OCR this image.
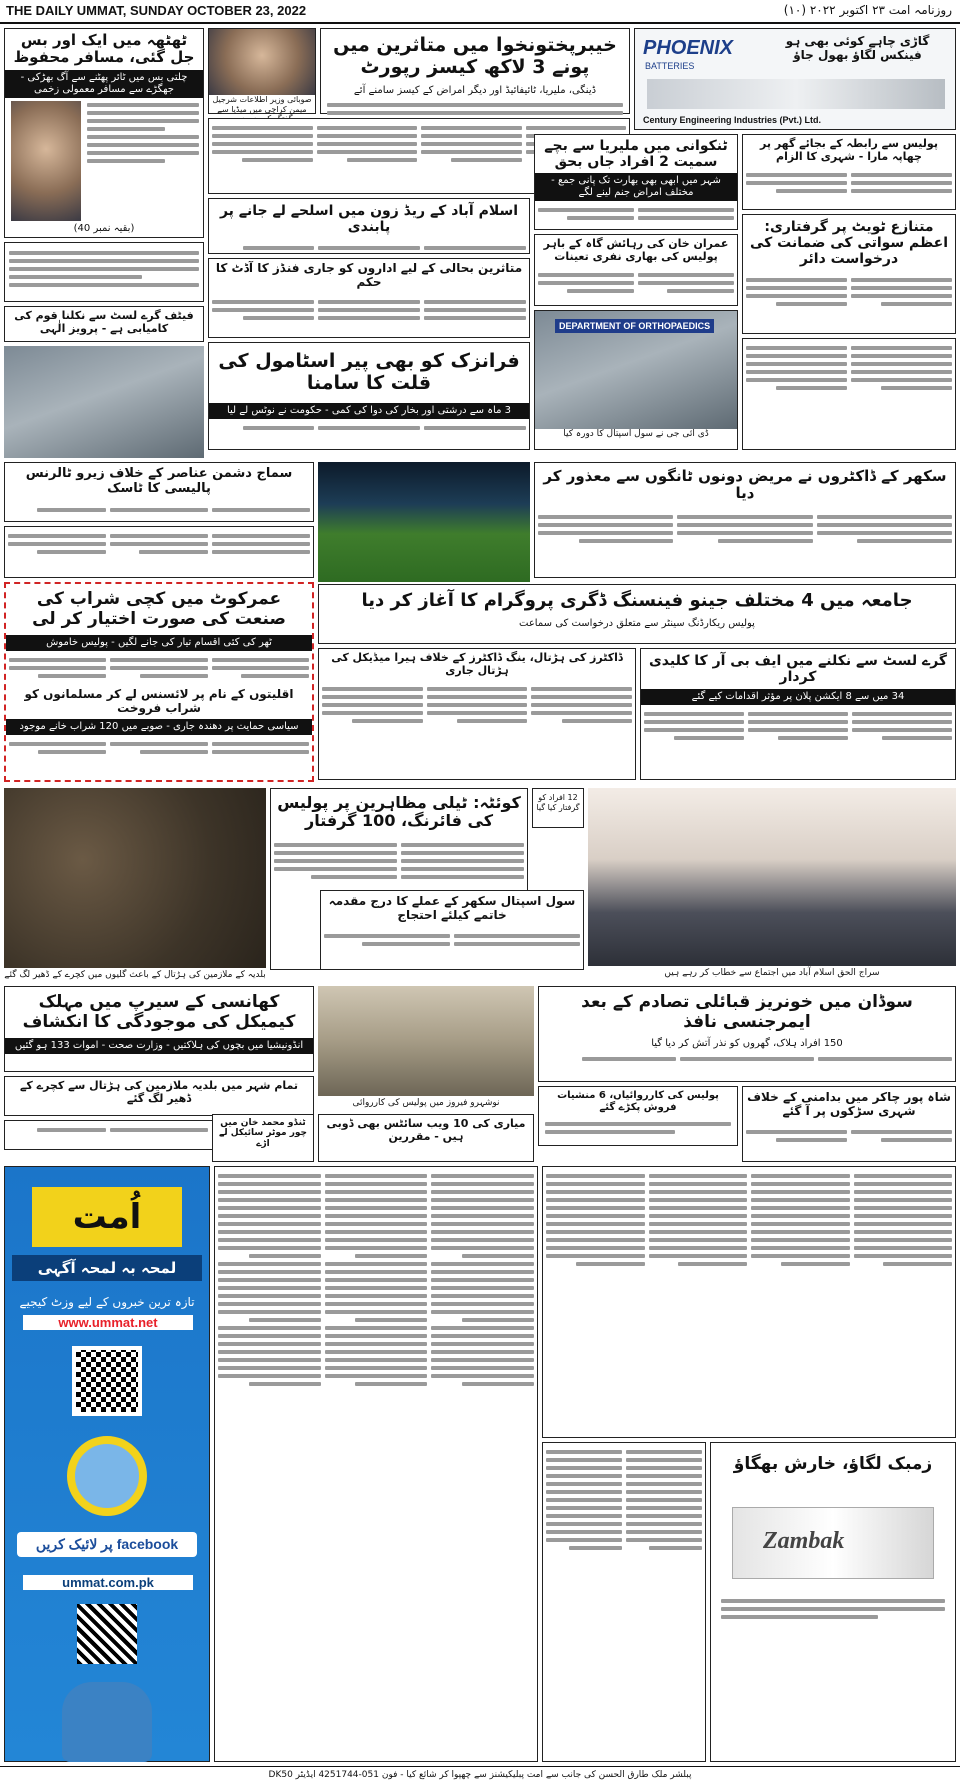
THE DAILY UMMAT, SUNDAY OCTOBER 23, 2022	روزنامہ امت ۲۳ اکتوبر ۲۰۲۲ (۱۰)
ٹھٹھہ میں ایک اور بس جل گئی، مسافر محفوظ
چلتی بس میں ٹائر پھٹنے سے آگ بھڑکی - جھگڑے سے مسافر معمولی زخمی
(بقیہ نمبر 40)
صوبائی وزیر اطلاعات شرجیل میمن کراچی میں میڈیا سے
خیبرپختونخوا میں متاثرین میں پونے 3 لاکھ کیسز رپورٹ
ڈینگی، ملیریا، ٹائیفائیڈ اور دیگر امراض کے کیسز سامنے آئے
PHOENIX
BATTERIES
گاڑی چاہے کوئی بھی ہو فینکس لگاؤ بھول جاؤ
Century Engineering Industries (Pvt.) Ltd.
پولیس سے رابطہ کے بجائے گھر پر چھاپہ مارا - شہری کا الزام
ٹنکوانی میں ملیریا سے بچے سمیت 2 افراد جاں بحق
شہر میں ابھی بھی بھارت تک پانی جمع - مختلف امراض جنم لینے لگے
اسلام آباد کے ریڈ زون میں اسلحے لے جانے پر پابندی
فیٹف گرے لسٹ سے نکلنا قوم کی کامیابی ہے - پرویز الٰہی
عمران خان کی رہائش گاہ کے باہر پولیس کی بھاری نفری تعینات
متنازع ٹویٹ پر گرفتاری: اعظم سواتی کی ضمانت کی درخواست دائر
متاثرین بحالی کے لیے اداروں کو جاری فنڈز کا آڈٹ کا حکم
DEPARTMENT OF ORTHOPAEDICS
ڈی آئی جی نے سول اسپتال کا دورہ کیا
فرانزک کو بھی پیر اسٹامول کی قلت کا سامنا
3 ماہ سے درشتی اور بخار کی دوا کی کمی - حکومت نے نوٹس لے لیا
سماج دشمن عناصر کے خلاف زیرو ٹالرنس پالیسی کا ٹاسک
سکھر کے ڈاکٹروں نے مریض دونوں ٹانگوں سے معذور کر دیا
جامعہ میں 4 مختلف جینو فینسنگ ڈگری پروگرام کا آغاز کر دیا
پولیس ریکارڈنگ سینٹر سے متعلق درخواست کی سماعت
عمرکوٹ میں کچی شراب کی صنعت کی صورت اختیار کر لی
ٹھر کی کئی اقسام تیار کی جانے لگیں - پولیس خاموش
اقلیتوں کے نام پر لائسنس لے کر مسلمانوں کو شراب فروخت
سیاسی حمایت پر دھندہ جاری - صوبے میں 120 شراب خانے موجود
ڈاکٹرز کی ہڑتال، ینگ ڈاکٹرز کے خلاف ہیرا میڈیکل کی ہڑتال جاری
گرے لسٹ سے نکلنے میں ایف بی آر کا کلیدی کردار
34 میں سے 8 ایکشن پلان پر مؤثر اقدامات کیے گئے
بلدیہ کے ملازمین کی ہڑتال کے باعث گلیوں میں کچرے کے ڈھیر لگ گئے
کوئٹہ: ٹیلی مظاہرین پر پولیس کی فائرنگ، 100 گرفتار
12 افراد کو گرفتار کیا گیا
سول اسپتال سکھر کے عملے کا درج مقدمہ خاتمے کیلئے احتجاج
سراج الحق اسلام آباد میں اجتماع سے خطاب کر رہے ہیں
کھانسی کے سیرپ میں مہلک کیمیکل کی موجودگی کا انکشاف
انڈونیشیا میں بچوں کی ہلاکتیں - وزارت صحت - اموات 133 ہو گئیں
تمام شہر میں بلدیہ ملازمین کی ہڑتال سے کچرے کے ڈھیر لگ گئے	نوشہرو فیروز میں پولیس کی کارروائی
سوڈان میں خونریز قبائلی تصادم کے بعد ایمرجنسی نافذ
150 افراد ہلاک، گھروں کو نذر آتش کر دیا گیا
میاری کی 10 ویب سائٹس بھی ڈوبی ہیں - مقررین
ٹنڈو محمد خان میں چور موٹر سائیکل لے اڑے
پولیس کی کارروائیاں، 6 منشیات فروش پکڑے گئے
شاہ پور چاکر میں بدامنی کے خلاف شہری سڑکوں پر آ گئے
اُمت
لمحہ بہ لمحہ آگہی
تازہ ترین خبروں کے لیے وزٹ کیجیے
www.ummat.net
facebook پر لائیک کریں
ummat.com.pk
زمبک لگاؤ، خارش بھگاؤ
Zambak
پبلشر ملک طارق الحسن کی جانب سے امت پبلیکیشنز سے چھپوا کر شائع کیا - فون 051-4251744 ایڈیٹر DK50
